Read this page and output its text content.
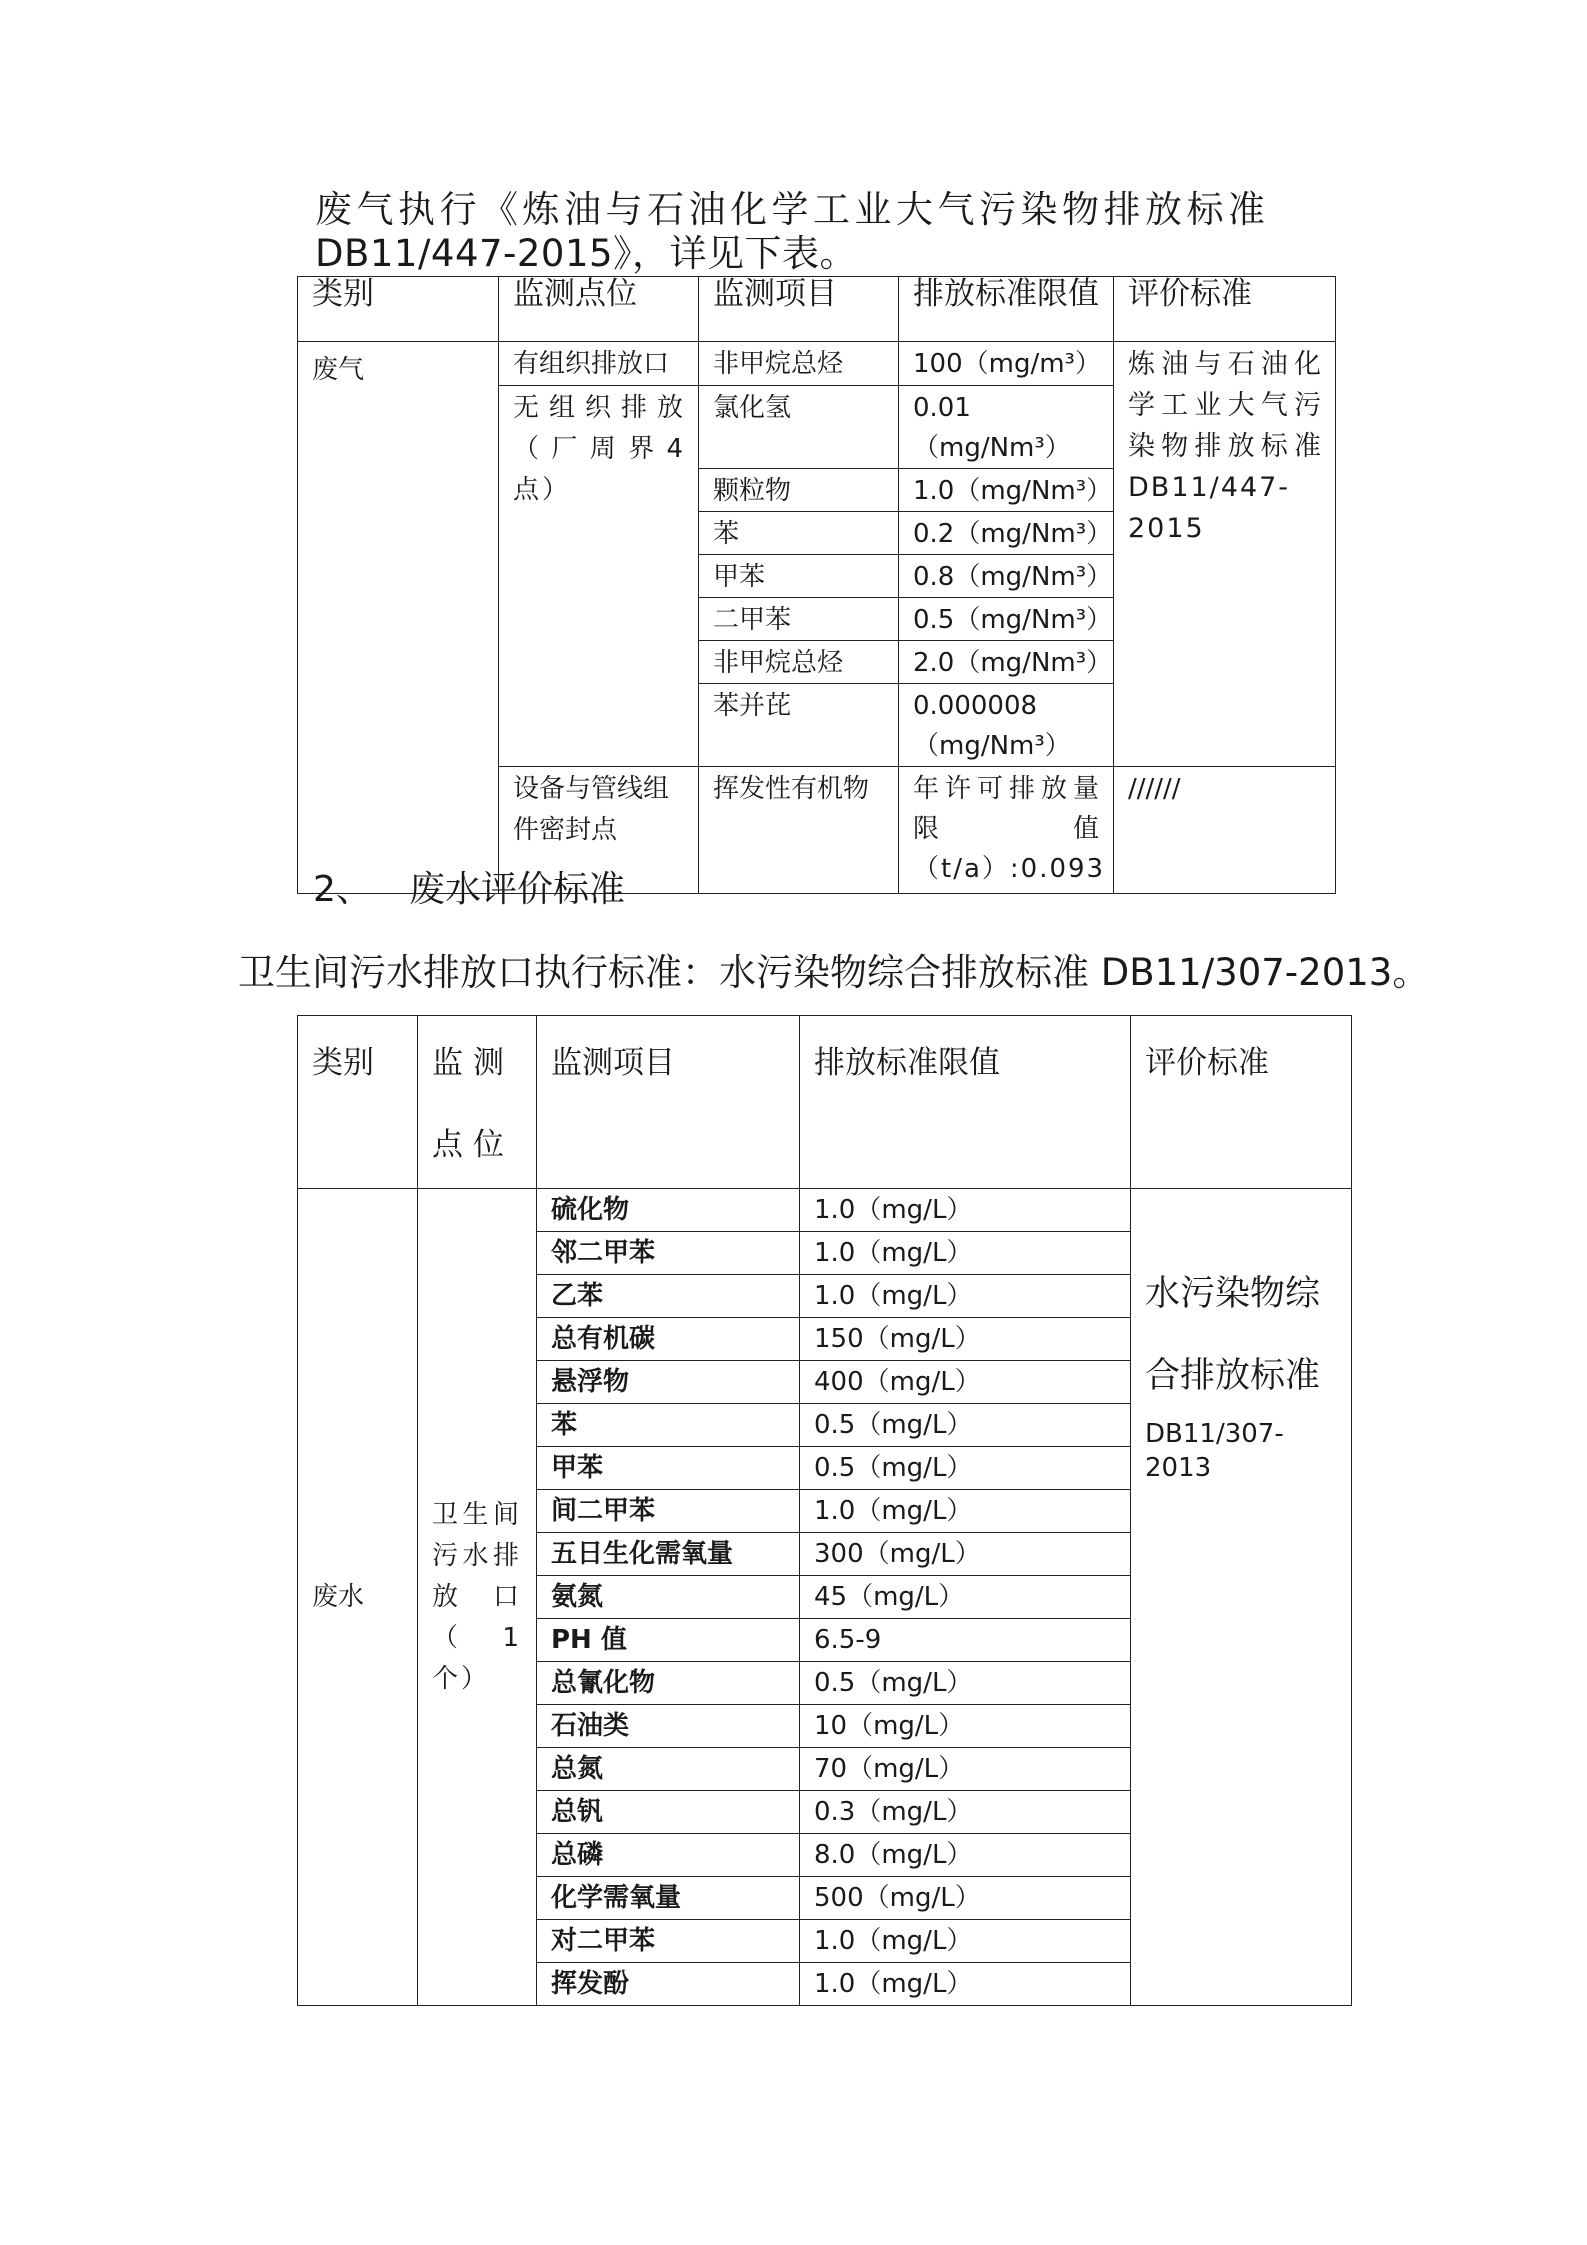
废气执行《炼油与石油化学工业大气污染物排放标准
DB11/447-2015》，详见下表。
类别	监测点位	监测项目	排放标准限值	评价标准
废气	有组织排放口	非甲烷总烃	100（mg/m³）	炼油与石油化学工业大气污染物排放标准DB11/447-2015
	无组织排放（厂周界4点）	氯化氢	0.01（mg/Nm³）	
		颗粒物	1.0（mg/Nm³）	
		苯	0.2（mg/Nm³）	
		甲苯	0.8（mg/Nm³）	
		二甲苯	0.5（mg/Nm³）	
		非甲烷总烃	2.0（mg/Nm³）	
		苯并芘	0.000008（mg/Nm³）	
	设备与管线组件密封点	挥发性有机物	年许可排放量限值（t/a）:0.093	//////
2、 废水评价标准
卫生间污水排放口执行标准：水污染物综合排放标准 DB11/307-2013。
类别	监测点位	监测项目	排放标准限值	评价标准
废水	卫生间污水排放口（1个）	硫化物	1.0（mg/L）	水污染物综合排放标准
DB11/307-2013

		邻二甲苯	1.0（mg/L）	
		乙苯	1.0（mg/L）	
		总有机碳	150（mg/L）	
		悬浮物	400（mg/L）	
		苯	0.5（mg/L）	
		甲苯	0.5（mg/L）	
		间二甲苯	1.0（mg/L）	
		五日生化需氧量	300（mg/L）	
		氨氮	45（mg/L）	
		PH 值	6.5-9	
		总氰化物	0.5（mg/L）	
		石油类	10（mg/L）	
		总氮	70（mg/L）	
		总钒	0.3（mg/L）	
		总磷	8.0（mg/L）	
		化学需氧量	500（mg/L）	
		对二甲苯	1.0（mg/L）	
		挥发酚	1.0（mg/L）	
